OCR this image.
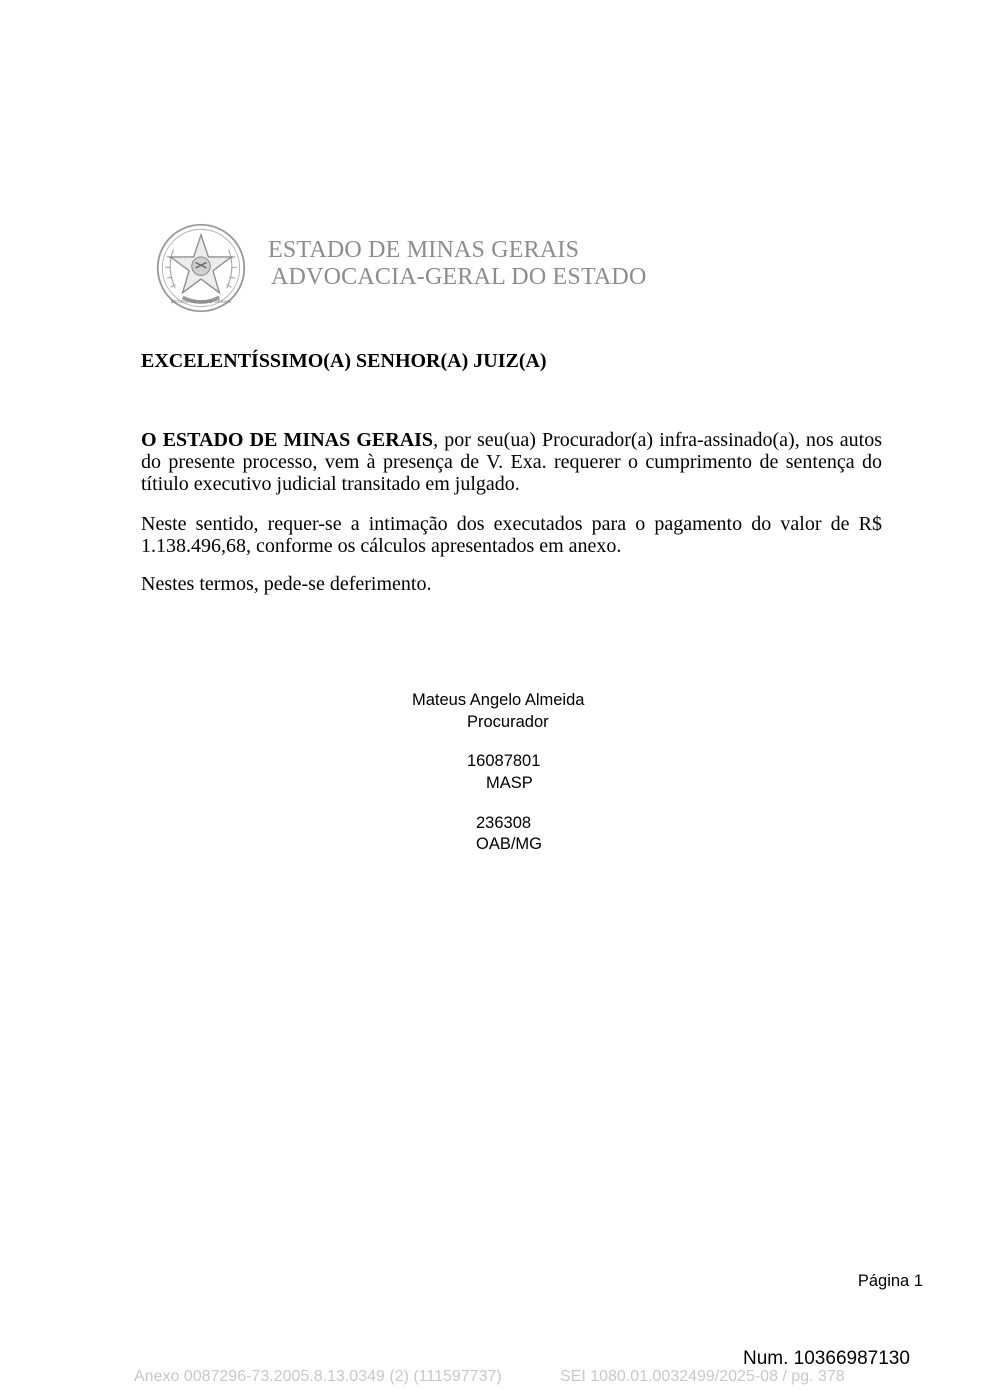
ESTADO DE MINAS GERAIS
ESTADO DE MINAS GERAIS
ADVOCACIA-GERAL DO ESTADO
EXCELENTÍSSIMO(A) SENHOR(A) JUIZ(A)
O ESTADO DE MINAS GERAIS, por seu(ua) Procurador(a) infra-assinado(a), nos autos do presente processo, vem à presença de V. Exa. requerer o cumprimento de sentença do títiulo executivo judicial transitado em julgado.
Neste sentido, requer-se a intimação dos executados para o pagamento do valor de R$ 1.138.496,68, conforme os cálculos apresentados em anexo.
Nestes termos, pede-se deferimento.
Mateus Angelo Almeida
Procurador
16087801
MASP
236308
OAB/MG
Página 1
Num. 10366987130
Anexo 0087296-73.2005.8.13.0349 (2) (111597737)	SEI 1080.01.0032499/2025-08 / pg. 378
